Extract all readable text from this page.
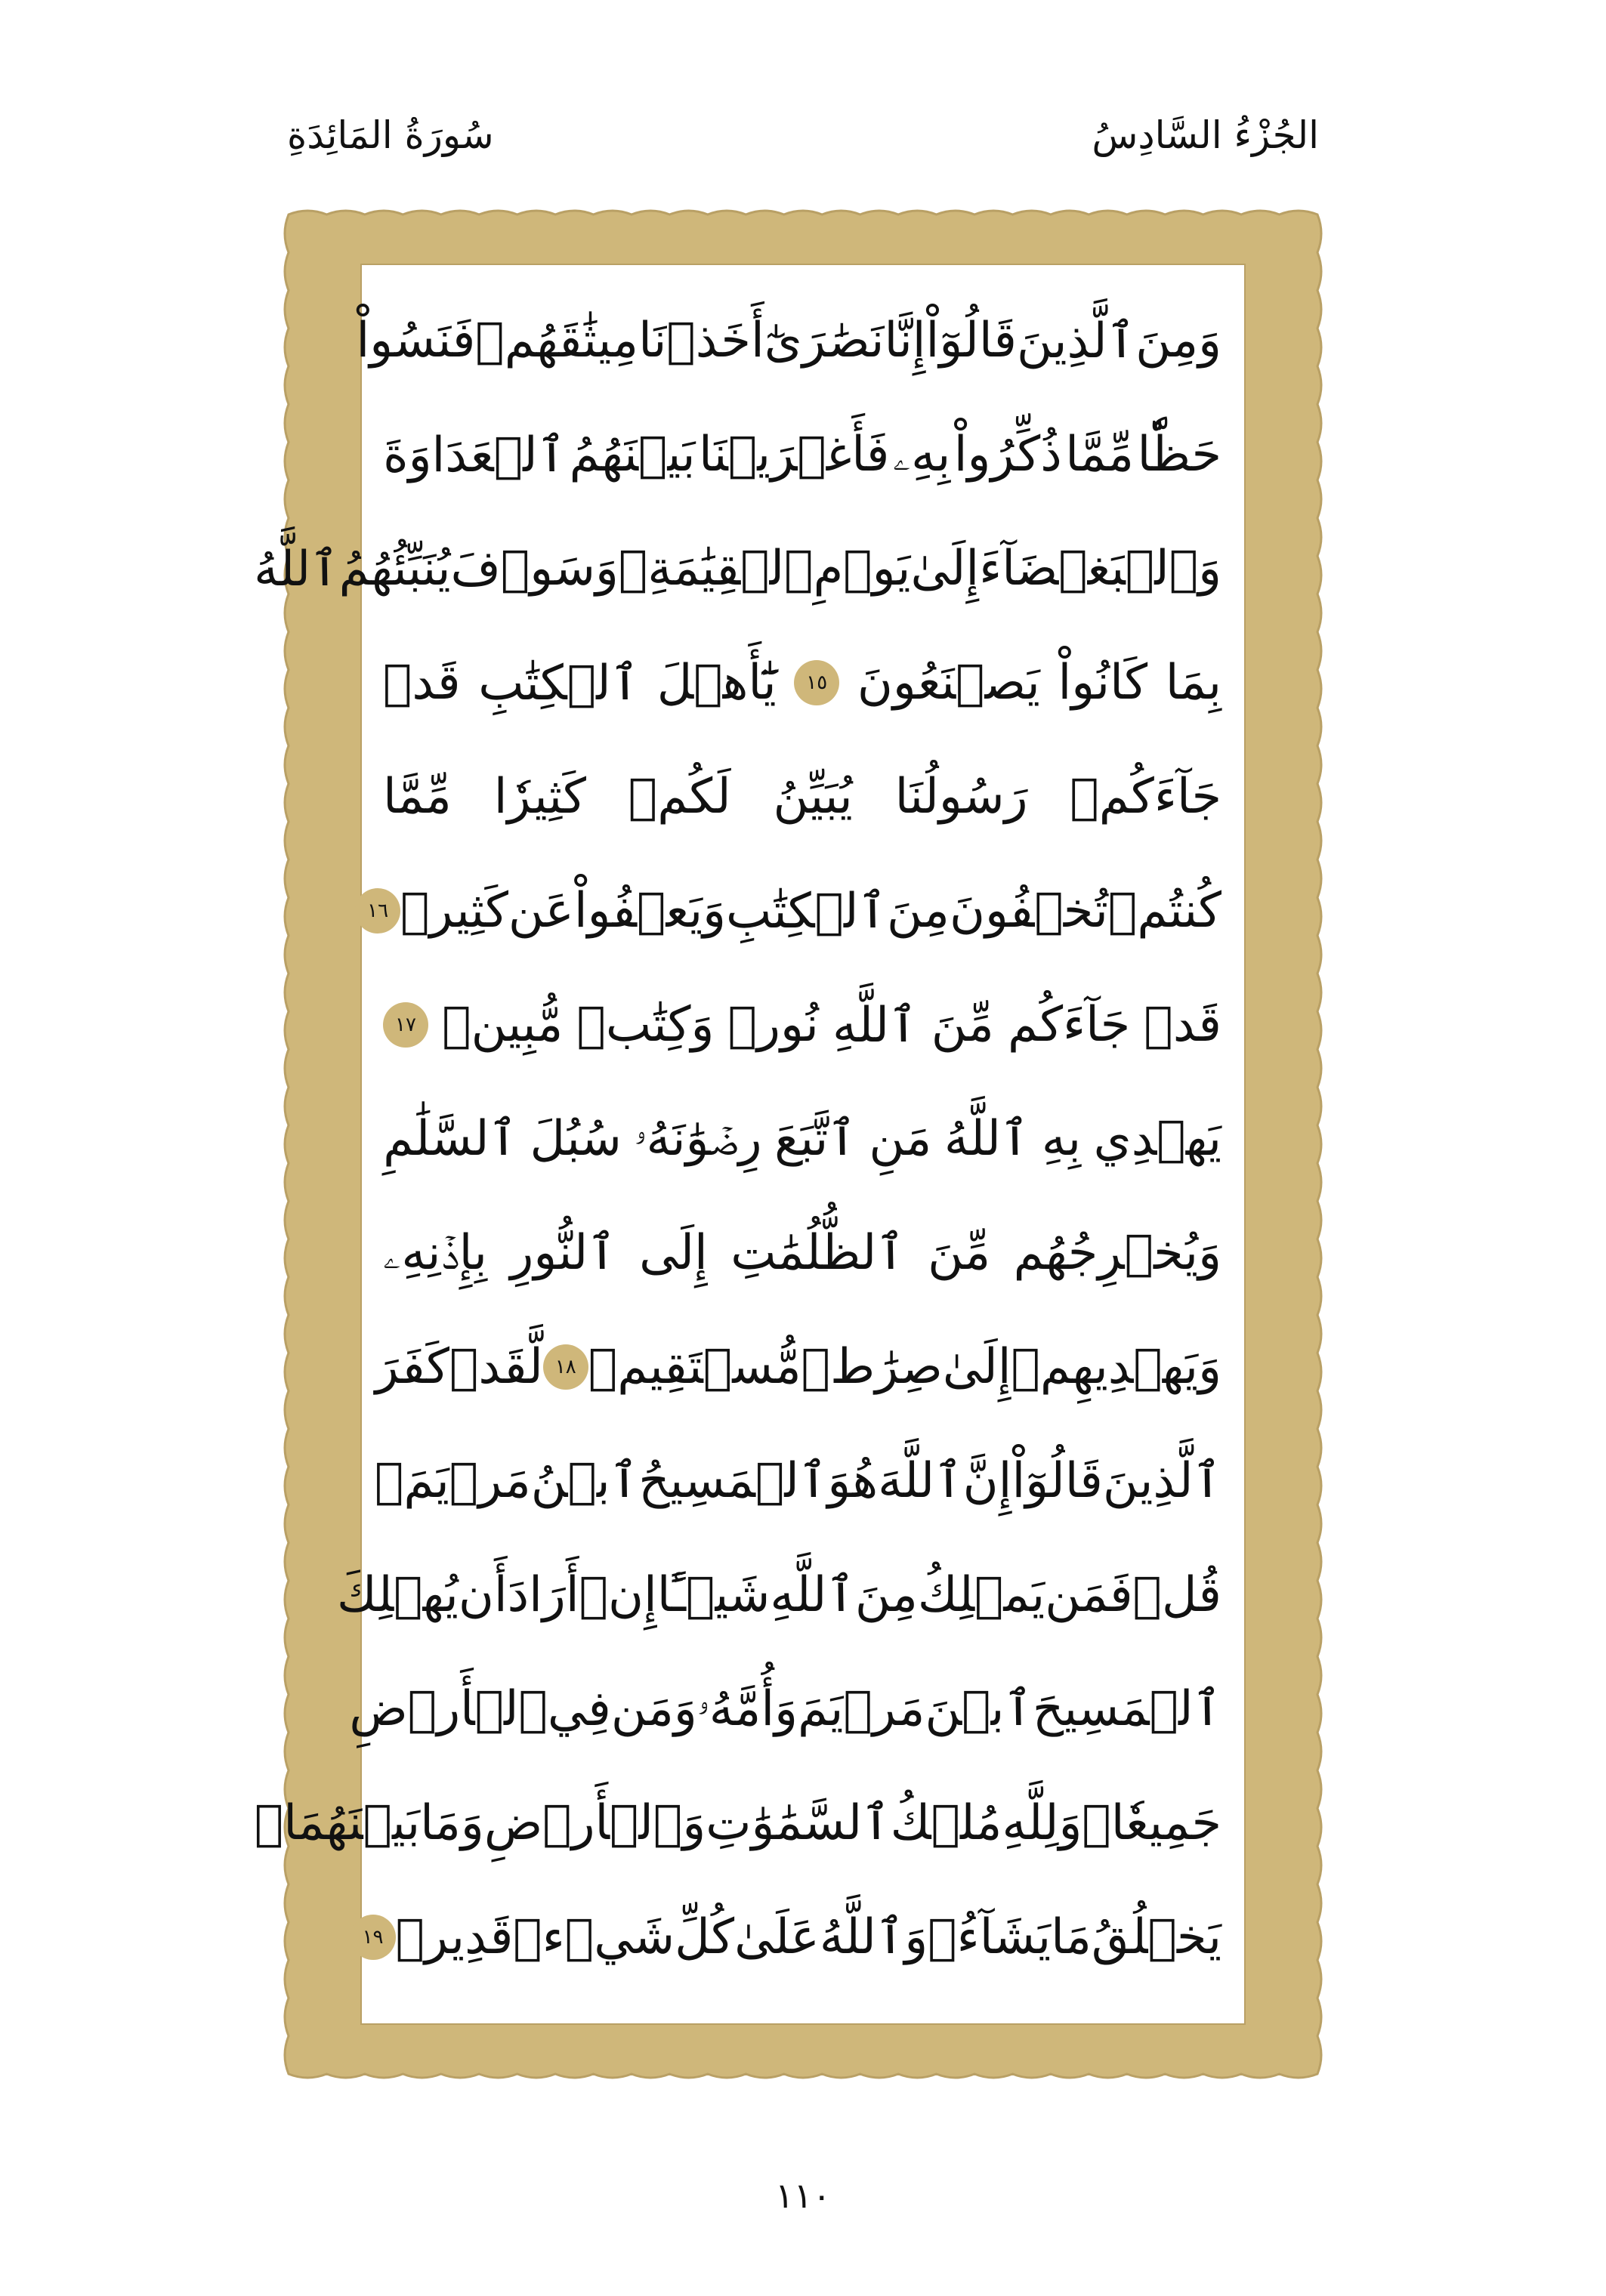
الجُزْءُ السَّادِسُ
سُورَةُ المَائِدَةِ
وَمِنَ
ٱلَّذِينَ
قَالُوٓاْ
إِنَّا
نَصَٰرَىٰٓ
أَخَذۡنَا
مِيثَٰقَهُمۡ
فَنَسُواْ
حَظّٗا
مِّمَّا
ذُكِّرُواْ
بِهِۦ
فَأَغۡرَيۡنَا
بَيۡنَهُمُ
ٱلۡعَدَاوَةَ
وَٱلۡبَغۡضَآءَ
إِلَىٰ
يَوۡمِ
ٱلۡقِيَٰمَةِۚ
وَسَوۡفَ
يُنَبِّئُهُمُ
ٱللَّهُ
بِمَا
كَانُواْ
يَصۡنَعُونَ
١٥
يَٰٓأَهۡلَ
ٱلۡكِتَٰبِ
قَدۡ
جَآءَكُمۡ
رَسُولُنَا
يُبَيِّنُ
لَكُمۡ
كَثِيرٗا
مِّمَّا
كُنتُمۡ
تُخۡفُونَ
مِنَ
ٱلۡكِتَٰبِ
وَيَعۡفُواْ
عَن
كَثِيرٖ
١٦
قَدۡ
جَآءَكُم
مِّنَ
ٱللَّهِ
نُورٞ
وَكِتَٰبٞ
مُّبِينٞ
١٧
يَهۡدِي
بِهِ
ٱللَّهُ
مَنِ
ٱتَّبَعَ
رِضۡوَٰنَهُۥ
سُبُلَ
ٱلسَّلَٰمِ
وَيُخۡرِجُهُم
مِّنَ
ٱلظُّلُمَٰتِ
إِلَى
ٱلنُّورِ
بِإِذۡنِهِۦ
وَيَهۡدِيهِمۡ
إِلَىٰ
صِرَٰطٖ
مُّسۡتَقِيمٖ
١٨
لَّقَدۡ
كَفَرَ
ٱلَّذِينَ
قَالُوٓاْ
إِنَّ
ٱللَّهَ
هُوَ
ٱلۡمَسِيحُ
ٱبۡنُ
مَرۡيَمَۚ
قُلۡ
فَمَن
يَمۡلِكُ
مِنَ
ٱللَّهِ
شَيۡـًٔا
إِنۡ
أَرَادَ
أَن
يُهۡلِكَ
ٱلۡمَسِيحَ
ٱبۡنَ
مَرۡيَمَ
وَأُمَّهُۥ
وَمَن
فِي
ٱلۡأَرۡضِ
جَمِيعٗاۗ
وَلِلَّهِ
مُلۡكُ
ٱلسَّمَٰوَٰتِ
وَٱلۡأَرۡضِ
وَمَا
بَيۡنَهُمَاۚ
يَخۡلُقُ
مَا
يَشَآءُۚ
وَٱللَّهُ
عَلَىٰ
كُلِّ
شَيۡءٖ
قَدِيرٞ
١٩
١١٠
